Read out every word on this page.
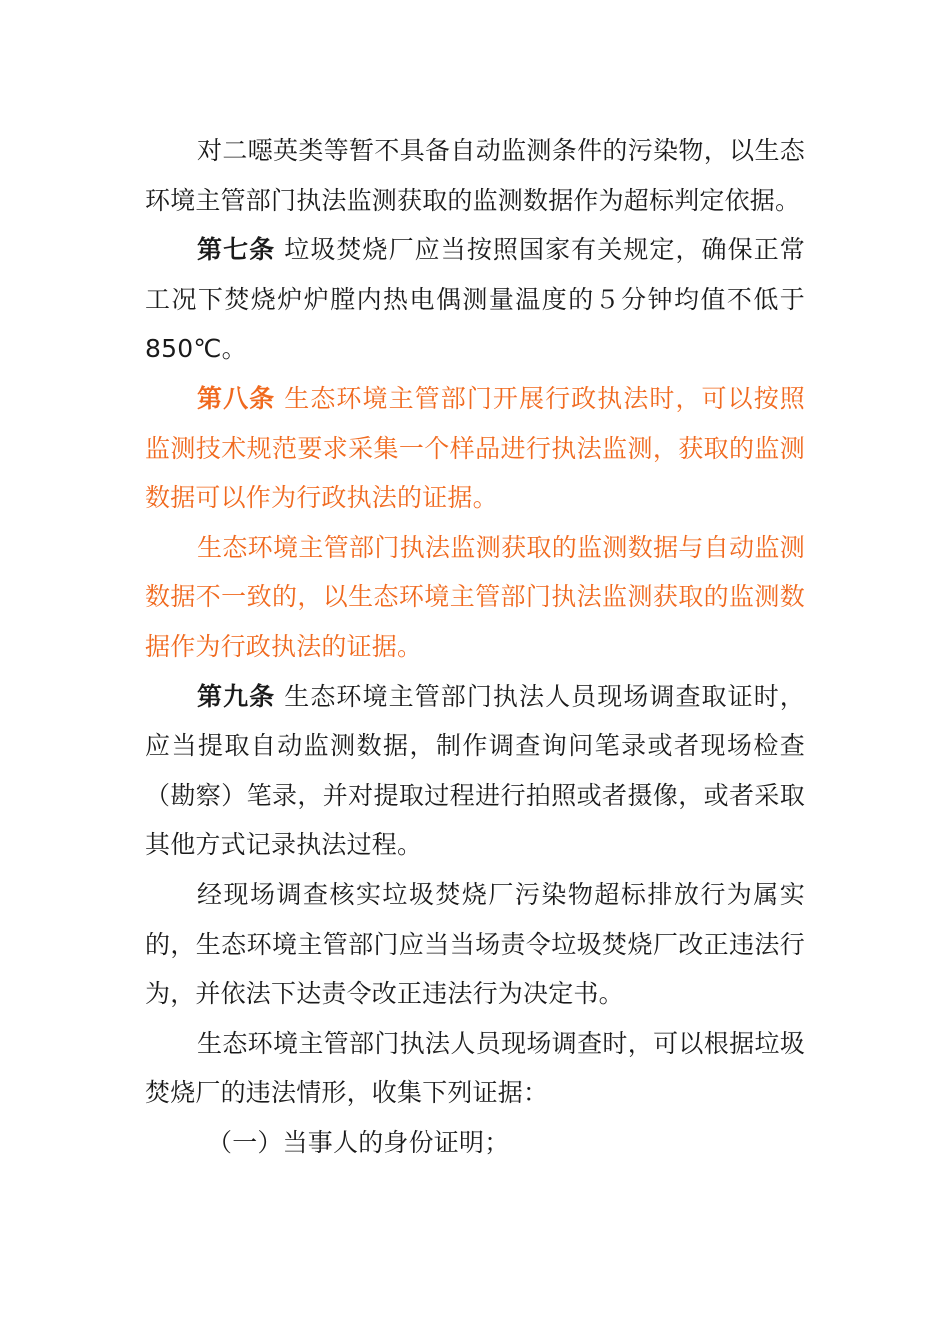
对二噁英类等暂不具备自动监测条件的污染物，以生态环境主管部门执法监测获取的监测数据作为超标判定依据。

第七条 垃圾焚烧厂应当按照国家有关规定，确保正常工况下焚烧炉炉膛内热电偶测量温度的５分钟均值不低于850℃。

第八条 生态环境主管部门开展行政执法时，可以按照监测技术规范要求采集一个样品进行执法监测，获取的监测数据可以作为行政执法的证据。

生态环境主管部门执法监测获取的监测数据与自动监测数据不一致的，以生态环境主管部门执法监测获取的监测数据作为行政执法的证据。

第九条 生态环境主管部门执法人员现场调查取证时，应当提取自动监测数据，制作调查询问笔录或者现场检查（勘察）笔录，并对提取过程进行拍照或者摄像，或者采取其他方式记录执法过程。

经现场调查核实垃圾焚烧厂污染物超标排放行为属实的，生态环境主管部门应当当场责令垃圾焚烧厂改正违法行为，并依法下达责令改正违法行为决定书。

生态环境主管部门执法人员现场调查时，可以根据垃圾焚烧厂的违法情形，收集下列证据：

（一）当事人的身份证明；
